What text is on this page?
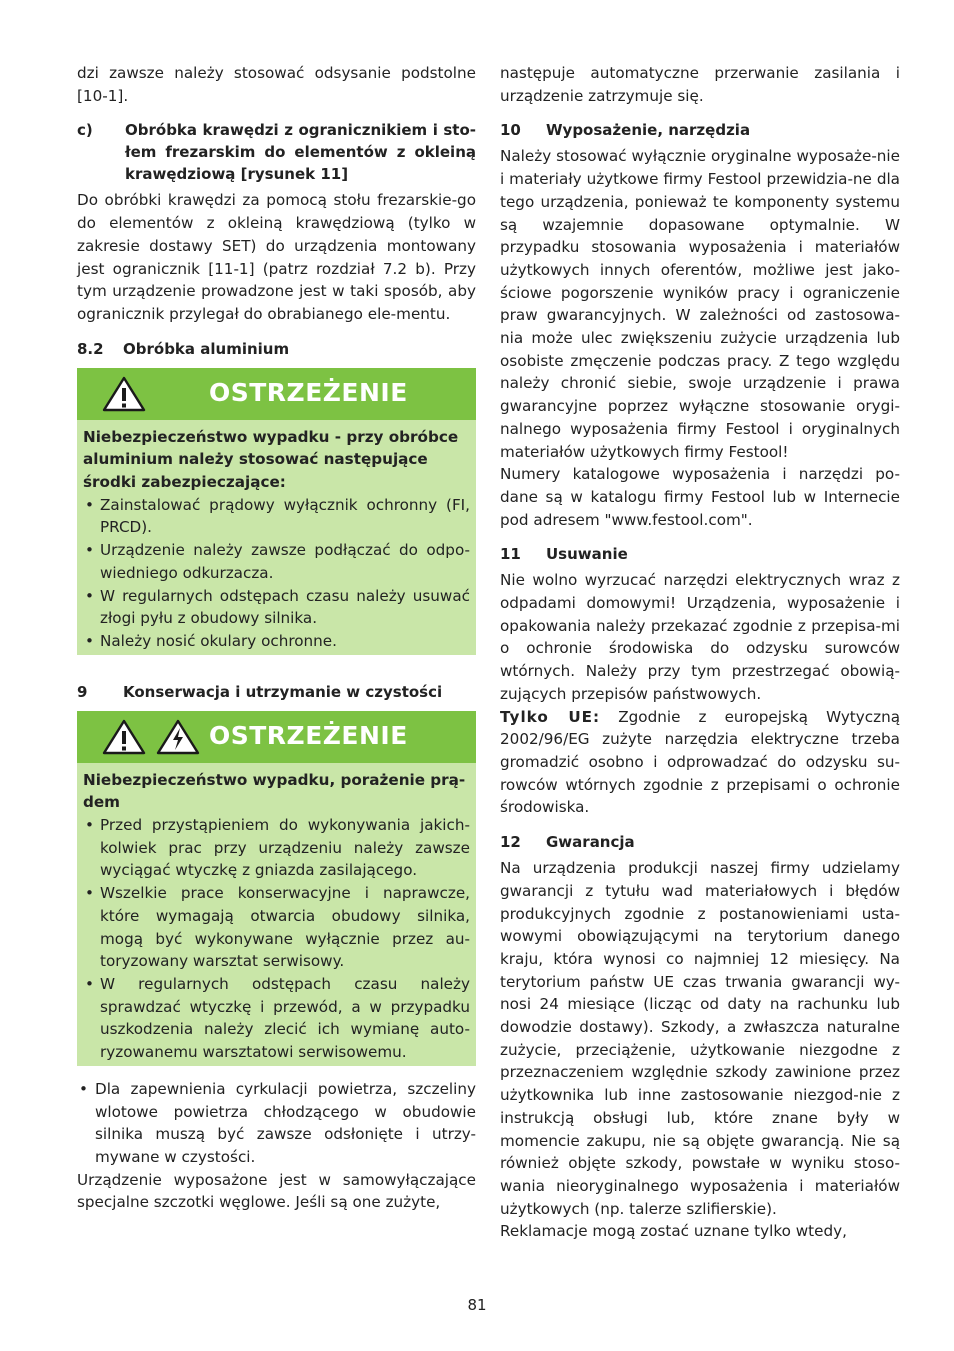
dzi zawsze należy stosować odsysanie podstolne [10-1].

c)	Obróbka krawędzi z ogranicznikiem i sto-łem frezarskim do elementów z okleiną krawędziową [rysunek 11]

Do obróbki krawędzi za pomocą stołu frezarskie-go do elementów z okleiną krawędziową (tylko w zakresie dostawy SET) do urządzenia montowany jest ogranicznik [11-1] (patrz rozdział 7.2 b). Przy tym urządzenie prowadzone jest w taki sposób, aby ogranicznik przylegał do obrabianego ele-mentu.

8.2	Obróbka aluminium
OSTRZEŻENIE

Niebezpieczeństwo wypadku - przy obróbce aluminium należy stosować następujące środki zabezpieczające:

• Zainstalować prądowy wyłącznik ochronny (FI, PRCD).
• Urządzenie należy zawsze podłączać do odpo-wiedniego odkurzacza.
• W regularnych odstępach czasu należy usuwać złogi pyłu z obudowy silnika.
• Należy nosić okulary ochronne.
9	Konserwacja i utrzymanie w czystości
OSTRZEŻENIE

Niebezpieczeństwo wypadku, porażenie prą-dem

• Przed przystąpieniem do wykonywania jakich-kolwiek prac przy urządzeniu należy zawsze wyciągać wtyczkę z gniazda zasilającego.
• Wszelkie prace konserwacyjne i naprawcze, które wymagają otwarcia obudowy silnika, mogą być wykonywane wyłącznie przez au-toryzowany warsztat serwisowy.
• W regularnych odstępach czasu należy sprawdzać wtyczkę i przewód, a w przypadku uszkodzenia należy zlecić ich wymianę auto-ryzowanemu warsztatowi serwisowemu.
• Dla zapewnienia cyrkulacji powietrza, szczeliny wlotowe powietrza chłodzącego w obudowie silnika muszą być zawsze odsłonięte i utrzy-mywane w czystości.

Urządzenie wyposażone jest w samowyłączające specjalne szczotki węglowe. Jeśli są one zużyte,

następuje automatyczne przerwanie zasilania i urządzenie zatrzymuje się.

10	Wyposażenie, narzędzia

Należy stosować wyłącznie oryginalne wyposaże-nie i materiały użytkowe firmy Festool przewidzia-ne dla tego urządzenia, ponieważ te komponenty systemu są wzajemnie dopasowane optymalnie. W przypadku stosowania wyposażenia i materiałów użytkowych innych oferentów, możliwe jest jako-ściowe pogorszenie wyników pracy i ograniczenie praw gwarancyjnych. W zależności od zastosowa-nia może ulec zwiększeniu zużycie urządzenia lub osobiste zmęczenie podczas pracy. Z tego względu należy chronić siebie, swoje urządzenie i prawa gwarancyjne poprzez wyłączne stosowanie orygi-nalnego wyposażenia firmy Festool i oryginalnych materiałów użytkowych firmy Festool!

Numery katalogowe wyposażenia i narzędzi po-dane są w katalogu firmy Festool lub w Internecie pod adresem "www.festool.com".

11	Usuwanie

Nie wolno wyrzucać narzędzi elektrycznych wraz z odpadami domowymi! Urządzenia, wyposażenie i opakowania należy przekazać zgodnie z przepisa-mi o ochronie środowiska do odzysku surowców wtórnych. Należy przy tym przestrzegać obowią-zujących przepisów państwowych.

Tylko UE: Zgodnie z europejską Wytyczną 2002/96/EG zużyte narzędzia elektryczne trzeba gromadzić osobno i odprowadzać do odzysku su-rowców wtórnych zgodnie z przepisami o ochronie środowiska.

12	Gwarancja

Na urządzenia produkcji naszej firmy udzielamy gwarancji z tytułu wad materiałowych i błędów produkcyjnych zgodnie z postanowieniami usta-wowymi obowiązującymi na terytorium danego kraju, która wynosi co najmniej 12 miesięcy. Na terytorium państw UE czas trwania gwarancji wy-nosi 24 miesiące (licząc od daty na rachunku lub dowodzie dostawy). Szkody, a zwłaszcza naturalne zużycie, przeciążenie, użytkowanie niezgodne z przeznaczeniem względnie szkody zawinione przez użytkownika lub inne zastosowanie niezgod-nie z instrukcją obsługi lub, które znane były w momencie zakupu, nie są objęte gwarancją. Nie są również objęte szkody, powstałe w wyniku stoso-wania nieoryginalnego wyposażenia i materiałów użytkowych (np. talerze szlifierskie).

Reklamacje mogą zostać uznane tylko wtedy,

81
